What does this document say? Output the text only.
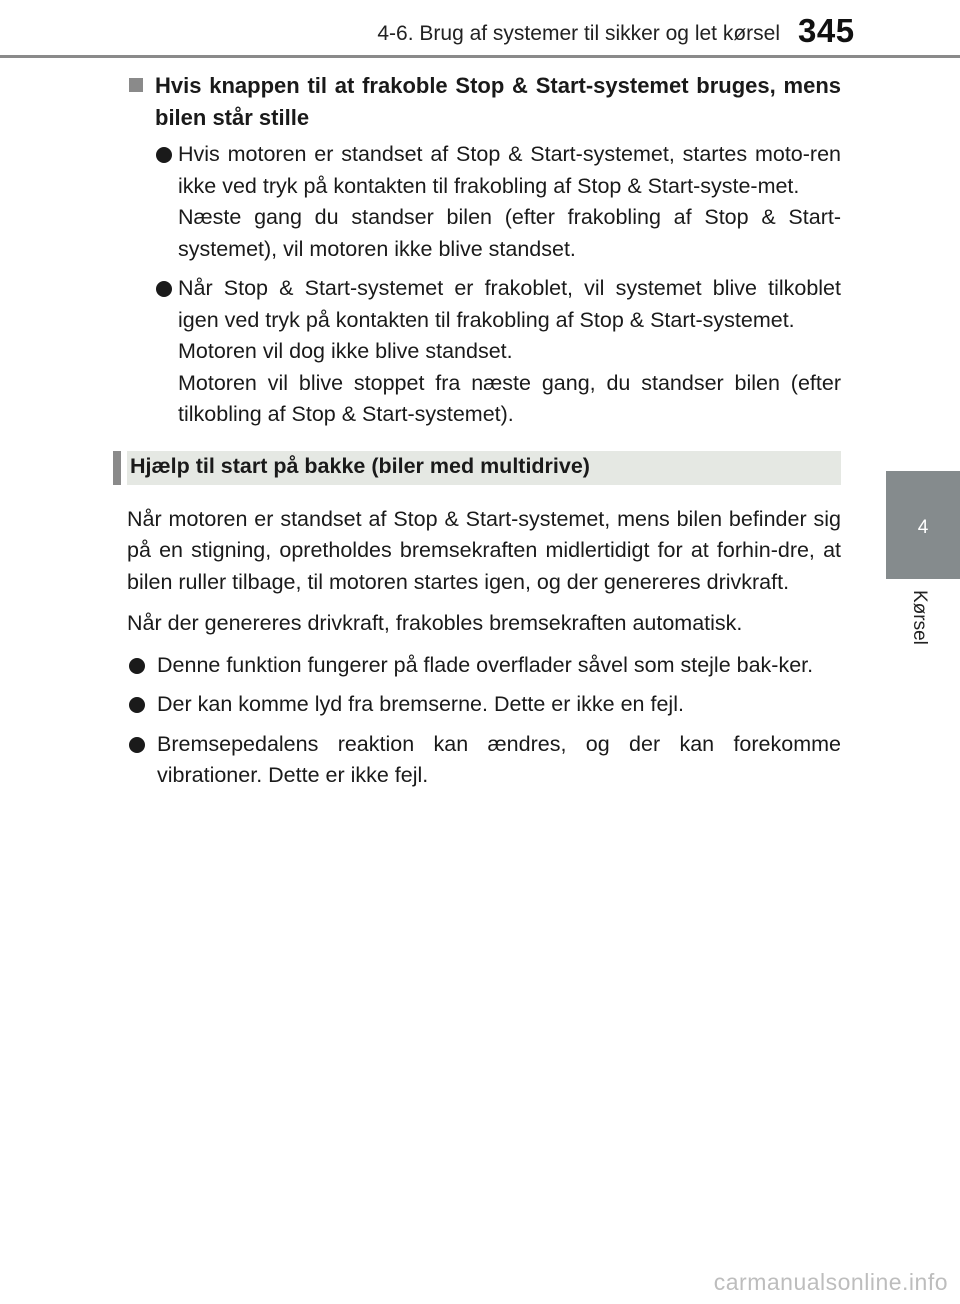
4-6. Brug af systemer til sikker og let kørsel 345
4
Kørsel
Hvis knappen til at frakoble Stop & Start-systemet bruges, mens bilen står stille

Hvis motoren er standset af Stop & Start-systemet, startes moto-ren ikke ved tryk på kontakten til frakobling af Stop & Start-syste-met.

Næste gang du standser bilen (efter frakobling af Stop & Start-systemet), vil motoren ikke blive standset.

Når Stop & Start-systemet er frakoblet, vil systemet blive tilkoblet igen ved tryk på kontakten til frakobling af Stop & Start-systemet.

Motoren vil dog ikke blive standset.

Motoren vil blive stoppet fra næste gang, du standser bilen (efter tilkobling af Stop & Start-systemet).

Hjælp til start på bakke (biler med multidrive)

Når motoren er standset af Stop & Start-systemet, mens bilen befinder sig på en stigning, opretholdes bremsekraften midlertidigt for at forhin-dre, at bilen ruller tilbage, til motoren startes igen, og der genereres drivkraft.

Når der genereres drivkraft, frakobles bremsekraften automatisk.

Denne funktion fungerer på flade overflader såvel som stejle bak-ker.

Der kan komme lyd fra bremserne. Dette er ikke en fejl.

Bremsepedalens reaktion kan ændres, og der kan forekomme vibrationer. Dette er ikke fejl.

carmanualsonline.info
